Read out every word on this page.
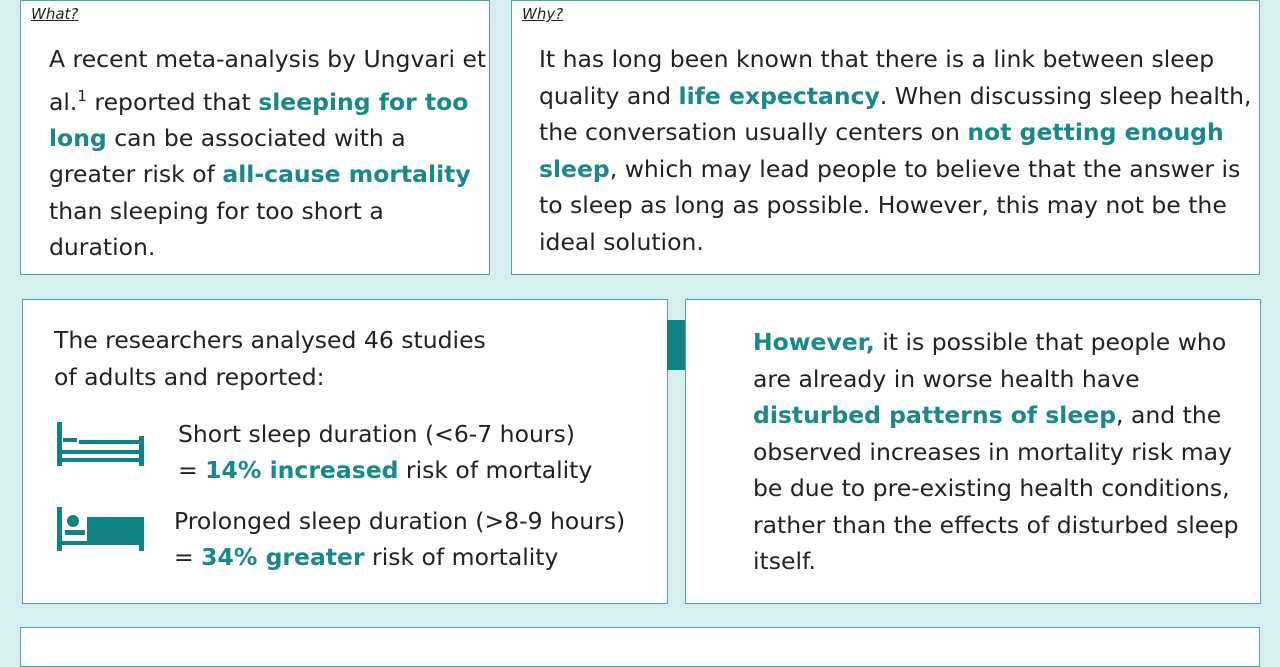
What?
A recent meta-analysis by Ungvari et al.$^1$ reported that sleeping for too long can be associated with a greater risk of all-cause mortality than sleeping for too short a duration.
Why?
It has long been known that there is a link between sleep quality and life expectancy. When discussing sleep health, the conversation usually centers on not getting enough sleep, which may lead people to believe that the answer is to sleep as long as possible. However, this may not be the ideal solution.
The researchers analysed 46 studies
of adults and reported:
Short sleep duration (<6-7 hours)
= 14% increased risk of mortality
Prolonged sleep duration (>8-9 hours)
= 34% greater risk of mortality
However, it is possible that people who are already in worse health have disturbed patterns of sleep, and the observed increases in mortality risk may be due to pre-existing health conditions, rather than the effects of disturbed sleep itself.
